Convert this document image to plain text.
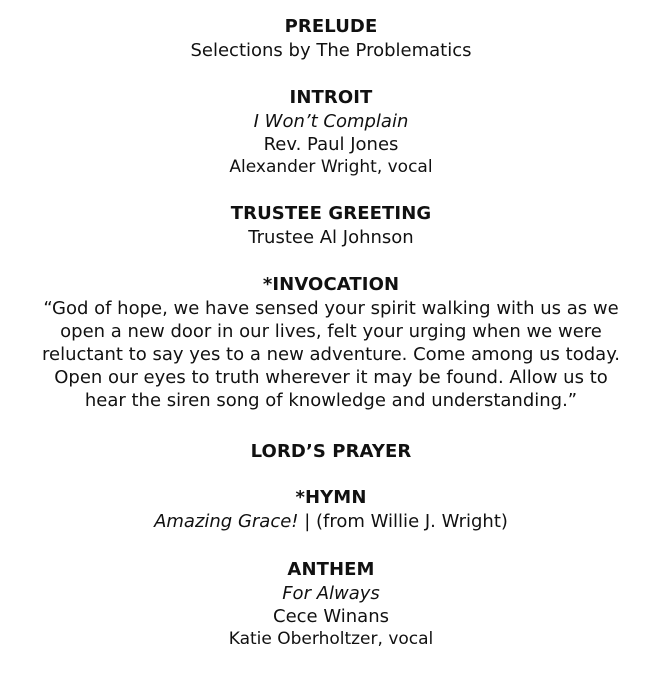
PRELUDE
Selections by The Problematics
INTROIT
I Won’t Complain
Rev. Paul Jones
Alexander Wright, vocal
TRUSTEE GREETING
Trustee Al Johnson
*INVOCATION
“God of hope, we have sensed your spirit walking with us as we
open a new door in our lives, felt your urging when we were
reluctant to say yes to a new adventure. Come among us today.
Open our eyes to truth wherever it may be found. Allow us to
hear the siren song of knowledge and understanding.”
LORD’S PRAYER
*HYMN
Amazing Grace! | (from Willie J. Wright)
ANTHEM
For Always
Cece Winans
Katie Oberholtzer, vocal
